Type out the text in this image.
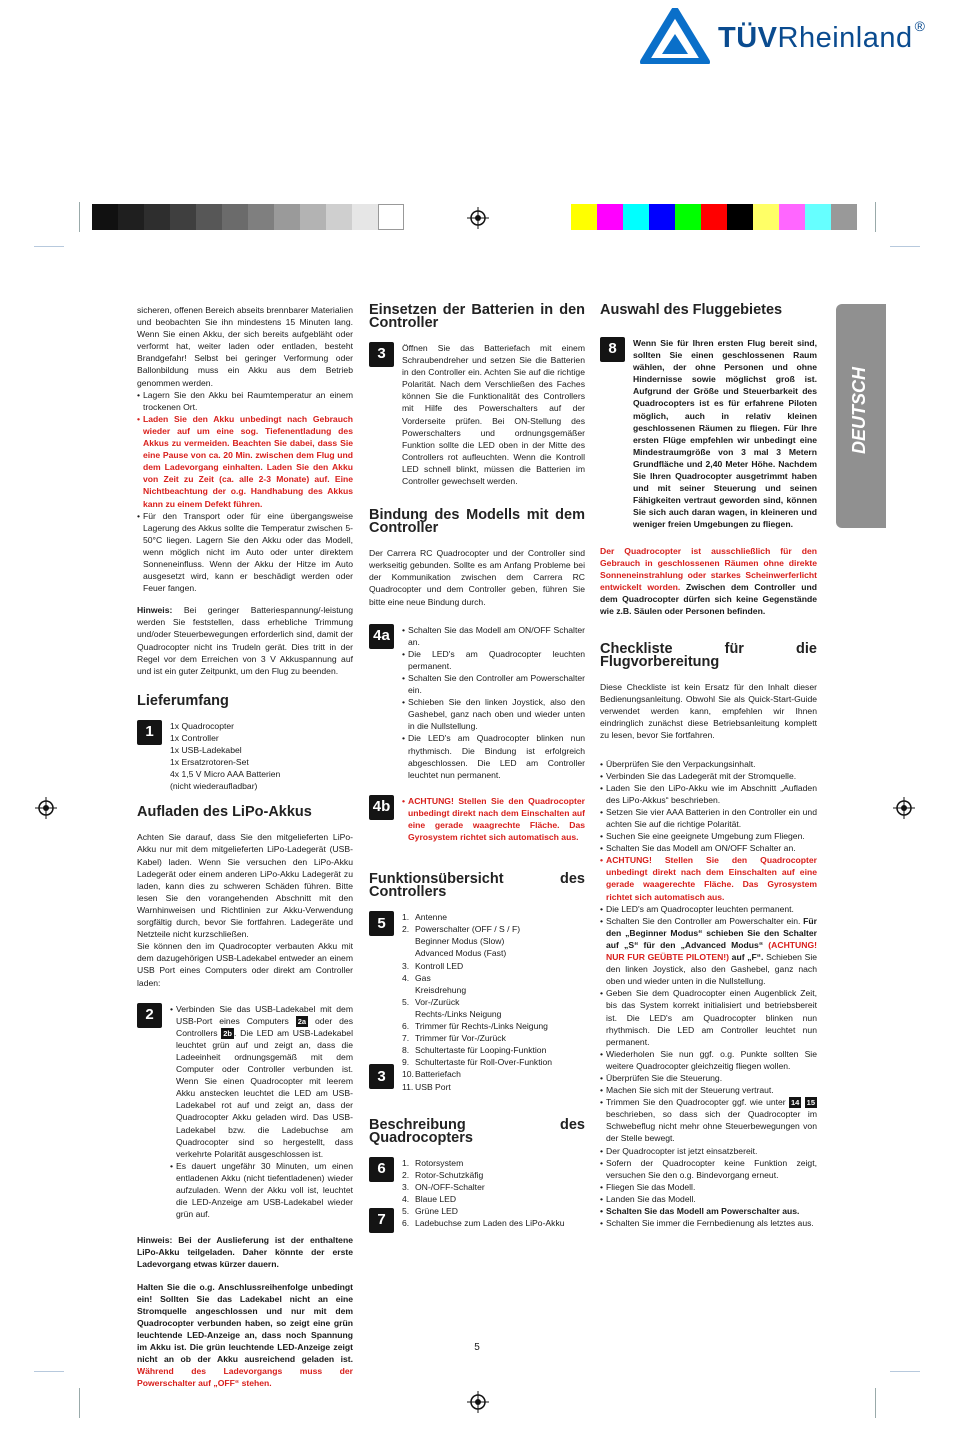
TÜVRheinland ®
DEUTSCH

sicheren, offenen Bereich abseits brennbarer Materialien und beobachten Sie ihn mindestens 15 Minuten lang. Wenn Sie einen Akku, der sich bereits aufgebläht oder verformt hat, weiter laden oder entladen, besteht Brandgefahr! Selbst bei geringer Verformung oder Ballonbildung muss ein Akku aus dem Betrieb genommen werden.

• Lagern Sie den Akku bei Raumtemperatur an einem trockenen Ort.
• Laden Sie den Akku unbedingt nach Gebrauch wieder auf um eine sog. Tiefenentladung des Akkus zu vermeiden. Beachten Sie dabei, dass Sie eine Pause von ca. 20 Min. zwischen dem Flug und dem Ladevorgang einhalten. Laden Sie den Akku von Zeit zu Zeit (ca. alle 2-3 Monate) auf. Eine Nichtbeachtung der o.g. Handhabung des Akkus kann zu einem Defekt führen.
• Für den Transport oder für eine übergangsweise Lagerung des Akkus sollte die Temperatur zwischen 5-50°C liegen. Lagern Sie den Akku oder das Modell, wenn möglich nicht im Auto oder unter direktem Sonneneinfluss. Wenn der Akku der Hitze im Auto ausgesetzt wird, kann er beschädigt werden oder Feuer fangen.

Hinweis: Bei geringer Batteriespannung/-leistung werden Sie feststellen, dass erhebliche Trimmung und/oder Steuerbewegungen erforderlich sind, damit der Quadrocopter nicht ins Trudeln gerät. Dies tritt in der Regel vor dem Erreichen von 3 V Akkuspannung auf und ist ein guter Zeitpunkt, um den Flug zu beenden.

Lieferumfang
1	1x Quadrocopter
1x Controller
1x USB-Ladekabel
1x Ersatzrotoren-Set
4x 1,5 V Micro AAA Batterien
(nicht wiederaufladbar)
Aufladen des LiPo-Akkus

Achten Sie darauf, dass Sie den mitgelieferten LiPo-Akku nur mit dem mitgelieferten LiPo-Ladegerät (USB-Kabel) laden. Wenn Sie versuchen den LiPo-Akku Ladegerät oder einem anderen LiPo-Akku Ladegerät zu laden, kann dies zu schweren Schäden führen. Bitte lesen Sie den vorangehenden Abschnitt mit den Warnhinweisen und Richtlinien zur Akku-Verwendung sorgfältig durch, bevor Sie fortfahren. Ladegeräte und Netzteile nicht kurzschließen.

Sie können den im Quadrocopter verbauten Akku mit dem dazugehörigen USB-Ladekabel entweder an einem USB Port eines Computers oder direkt am Controller laden:

2	• Verbinden Sie das USB-Ladekabel mit dem USB-Port eines Computers 2a oder des Controllers 2b . Die LED am USB-Ladekabel leuchtet grün auf und zeigt an, dass die Ladeeinheit ordnungsgemäß mit dem Computer oder Controller verbunden ist. Wenn Sie einen Quadrocopter mit leerem Akku anstecken leuchtet die LED am USB-Ladekabel rot auf und zeigt an, dass der Quadrocopter Akku geladen wird. Das USB-Ladekabel bzw. die Ladebuchse am Quadrocopter sind so hergestellt, dass verkehrte Polarität ausgeschlossen ist.
• Es dauert ungefähr 30 Minuten, um einen entladenen Akku (nicht tiefentladenen) wieder aufzuladen. Wenn der Akku voll ist, leuchtet die LED-Anzeige am USB-Ladekabel wieder grün auf.

Hinweis: Bei der Auslieferung ist der enthaltene LiPo-Akku teilgeladen. Daher könnte der erste Ladevorgang etwas kürzer dauern.

Halten Sie die o.g. Anschlussreihenfolge unbedingt ein! Sollten Sie das Ladekabel nicht an eine Stromquelle angeschlossen und nur mit dem Quadrocopter verbunden haben, so zeigt eine grün leuchtende LED-Anzeige an, dass noch Spannung im Akku ist. Die grün leuchtende LED-Anzeige zeigt nicht an ob der Akku ausreichend geladen ist. Während des Ladevorgangs muss der Powerschalter auf „OFF“ stehen.

Einsetzen der Batterien in den Controller
3	Öffnen Sie das Batteriefach mit einem Schraubendreher und setzen Sie die Batterien in den Controller ein. Achten Sie auf die richtige Polarität. Nach dem Verschließen des Faches können Sie die Funktionalität des Controllers mit Hilfe des Powerschalters auf der Vorderseite prüfen. Bei ON-Stellung des Powerschalters und ordnungsgemäßer Funktion sollte die LED oben in der Mitte des Controllers rot aufleuchten. Wenn die Kontroll LED schnell blinkt, müssen die Batterien im Controller gewechselt werden.
Bindung des Modells mit dem Controller

Der Carrera RC Quadrocopter und der Controller sind werkseitig gebunden. Sollte es am Anfang Probleme bei der Kommunikation zwischen dem Carrera RC Quadrocopter und dem Controller geben, führen Sie bitte eine neue Bindung durch.

4a	• Schalten Sie das Modell am ON/OFF Schalter an.
• Die LED's am Quadrocopter leuchten permanent.
• Schalten Sie den Controller am Powerschalter ein.
• Schieben Sie den linken Joystick, also den Gashebel, ganz nach oben und wieder unten in die Nullstellung.
• Die LED's am Quadrocopter blinken nun rhythmisch. Die Bindung ist erfolgreich abgeschlossen. Die LED am Controller leuchtet nun permanent.
4b	• ACHTUNG! Stellen Sie den Quadrocopter unbedingt direkt nach dem Einschalten auf eine gerade waagrechte Fläche. Das Gyrosystem richtet sich automatisch aus.
Funktionsübersicht des Controllers
5
3
1. Antenne
2. Powerschalter (OFF / S / F)
Beginner Modus (Slow)
Advanced Modus (Fast)
3. Kontroll LED
4. Gas
Kreisdrehung
5. Vor-/Zurück
Rechts-/Links Neigung
6. Trimmer für Rechts-/Links Neigung
7. Trimmer für Vor-/Zurück
8. Schultertaste für Looping-Funktion
9. Schultertaste für Roll-Over-Funktion
10. Batteriefach
11. USB Port
Beschreibung des Quadrocopters
6
7
1. Rotorsystem
2. Rotor-Schutzkäfig
3. ON-/OFF-Schalter
4. Blaue LED
5. Grüne LED
6. Ladebuchse zum Laden des LiPo-Akku
Auswahl des Fluggebietes
8	Wenn Sie für Ihren ersten Flug bereit sind, sollten Sie einen geschlossenen Raum wählen, der ohne Personen und ohne Hindernisse sowie möglichst groß ist. Aufgrund der Größe und Steuerbarkeit des Quadrocopters ist es für erfahrene Piloten möglich, auch in relativ kleinen geschlossenen Räumen zu fliegen. Für Ihre ersten Flüge empfehlen wir unbedingt eine Mindestraumgröße von 3 mal 3 Metern Grundfläche und 2,40 Meter Höhe. Nachdem Sie Ihren Quadrocopter ausgetrimmt haben und mit seiner Steuerung und seinen Fähigkeiten vertraut geworden sind, können Sie sich auch daran wagen, in kleineren und weniger freien Umgebungen zu fliegen.

Der Quadrocopter ist ausschließlich für den Gebrauch in geschlossenen Räumen ohne direkte Sonneneinstrahlung oder starkes Scheinwerferlicht entwickelt worden. Zwischen dem Controller und dem Quadrocopter dürfen sich keine Gegenstände wie z.B. Säulen oder Personen befinden.

Checkliste für die Flugvorbereitung

Diese Checkliste ist kein Ersatz für den Inhalt dieser Bedienungsanleitung. Obwohl Sie als Quick-Start-Guide verwendet werden kann, empfehlen wir Ihnen eindringlich zunächst diese Betriebsanleitung komplett zu lesen, bevor Sie fortfahren.

• Überprüfen Sie den Verpackungsinhalt.
• Verbinden Sie das Ladegerät mit der Stromquelle.
• Laden Sie den LiPo-Akku wie im Abschnitt „Aufladen des LiPo-Akkus“ beschrieben.
• Setzen Sie vier AAA Batterien in den Controller ein und achten Sie auf die richtige Polarität.
• Suchen Sie eine geeignete Umgebung zum Fliegen.
• Schalten Sie das Modell am ON/OFF Schalter an.
• ACHTUNG! Stellen Sie den Quadrocopter unbedingt direkt nach dem Einschalten auf eine gerade waagerechte Fläche. Das Gyrosystem richtet sich automatisch aus.
• Die LED's am Quadrocopter leuchten permanent.
• Schalten Sie den Controller am Powerschalter ein. Für den „Beginner Modus“ schieben Sie den Schalter auf „S“ für den „Advanced Modus“ (ACHTUNG! NUR FUR GEÜBTE PILOTEN!) auf „F“. Schieben Sie den linken Joystick, also den Gashebel, ganz nach oben und wieder unten in die Nullstellung.
• Geben Sie dem Quadrocopter einen Augenblick Zeit, bis das System korrekt initialisiert und betriebsbereit ist. Die LED's am Quadrocopter blinken nun rhythmisch. Die LED am Controller leuchtet nun permanent.
• Wiederholen Sie nun ggf. o.g. Punkte sollten Sie weitere Quadrocopter gleichzeitig fliegen wollen.
• Überprüfen Sie die Steuerung.
• Machen Sie sich mit der Steuerung vertraut.
• Trimmen Sie den Quadrocopter ggf. wie unter 14 15 beschrieben, so dass sich der Quadrocopter im Schwebeflug nicht mehr ohne Steuerbewegungen von der Stelle bewegt.
• Der Quadrocopter ist jetzt einsatzbereit.
• Sofern der Quadrocopter keine Funktion zeigt, versuchen Sie den o.g. Bindevorgang erneut.
• Fliegen Sie das Modell.
• Landen Sie das Modell.
• Schalten Sie das Modell am Powerschalter aus.
• Schalten Sie immer die Fernbedienung als letztes aus.
5
